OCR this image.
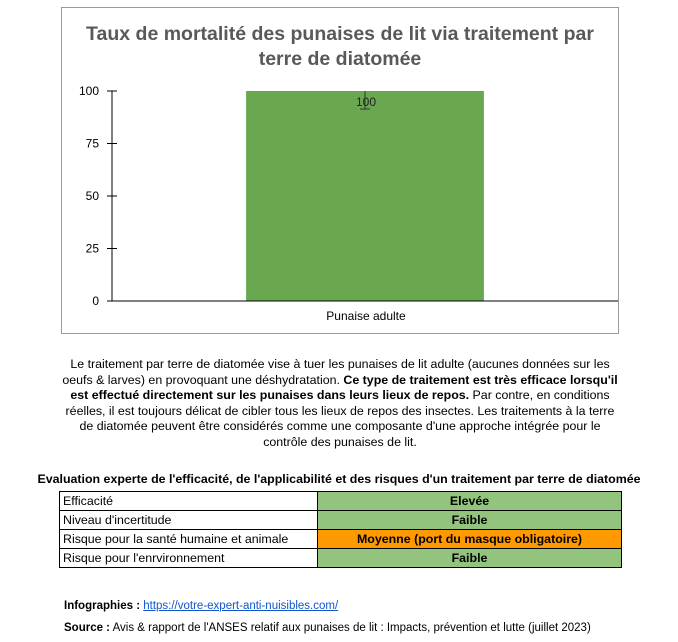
Taux de mortalité des punaises de lit via traitement par terre de diatomée
0
25
50
75
100
100
Punaise adulte
Le traitement par terre de diatomée vise à tuer les punaises de lit adulte (aucunes données sur les oeufs & larves) en provoquant une déshydratation. Ce type de traitement est très efficace lorsqu'il est effectué directement sur les punaises dans leurs lieux de repos. Par contre, en conditions réelles, il est toujours délicat de cibler tous les lieux de repos des insectes. Les traitements à la terre de diatomée peuvent être considérés comme une composante d'une approche intégrée pour le contrôle des punaises de lit.
Evaluation experte de l'efficacité, de l'applicabilité et des risques d'un traitement par terre de diatomée
Efficacité	Elevée
Niveau d'incertitude	Faible
Risque pour la santé humaine et animale	Moyenne (port du masque obligatoire)
Risque pour l'enrvironnement	Faible
Infographies : https://votre-expert-anti-nuisibles.com/
Source : Avis & rapport de l'ANSES relatif aux punaises de lit : Impacts, prévention et lutte (juillet 2023)
